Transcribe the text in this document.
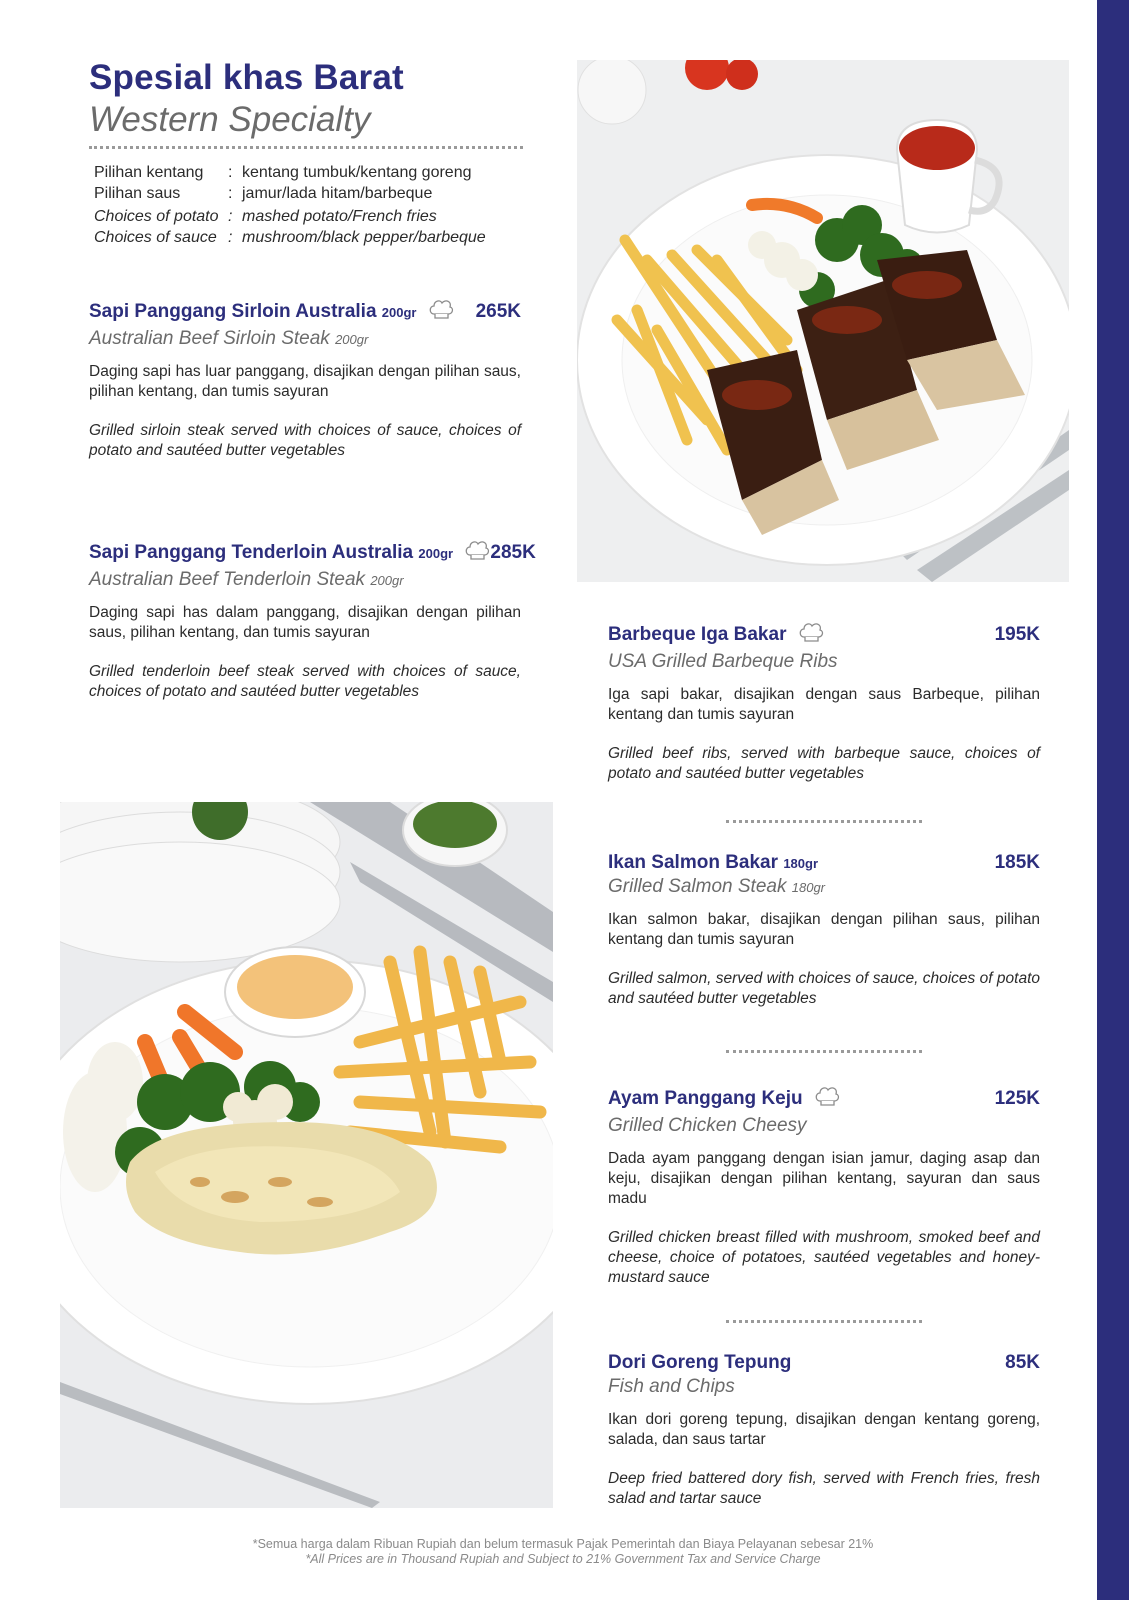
Spesial khas Barat
Western Specialty
Pilihan kentang	: kentang tumbuk/kentang goreng
Pilihan saus	: jamur/lada hitam/barbeque
Choices of potato : mashed potato/French fries
Choices of sauce : mushroom/black pepper/barbeque
Sapi Panggang Sirloin Australia 200gr	265K
Australian Beef Sirloin Steak 200gr
Daging sapi has luar panggang, disajikan dengan pilihan saus, pilihan kentang, dan tumis sayuran
Grilled sirloin steak served with choices of sauce, choices of potato and sautéed butter vegetables
Sapi Panggang Tenderloin Australia 200gr	285K
Australian Beef Tenderloin Steak 200gr
Daging sapi has dalam panggang, disajikan dengan pilihan saus, pilihan kentang, dan tumis sayuran
Grilled tenderloin beef steak served with choices of sauce, choices of potato and sautéed butter vegetables
Barbeque Iga Bakar	195K
USA Grilled Barbeque Ribs
Iga sapi bakar, disajikan dengan saus Barbeque, pilihan kentang dan tumis sayuran
Grilled beef ribs, served with barbeque sauce, choices of potato and sautéed butter vegetables
Ikan Salmon Bakar 180gr	185K
Grilled Salmon Steak 180gr
Ikan salmon bakar, disajikan dengan pilihan saus, pilihan kentang dan tumis sayuran
Grilled salmon, served with choices of sauce, choices of potato and sautéed butter vegetables
Ayam Panggang Keju	125K
Grilled Chicken Cheesy
Dada ayam panggang dengan isian jamur, daging asap dan keju, disajikan dengan pilihan kentang, sayuran dan saus madu
Grilled chicken breast filled with mushroom, smoked beef and cheese, choice of potatoes, sautéed vegetables and honey-mustard sauce
Dori Goreng Tepung	85K
Fish and Chips
Ikan dori goreng tepung, disajikan dengan kentang goreng, salada, dan saus tartar
Deep fried battered dory fish, served with French fries, fresh salad and tartar sauce
*Semua harga dalam Ribuan Rupiah dan belum termasuk Pajak Pemerintah dan Biaya Pelayanan sebesar 21%
*All Prices are in Thousand Rupiah and Subject to 21% Government Tax and Service Charge
